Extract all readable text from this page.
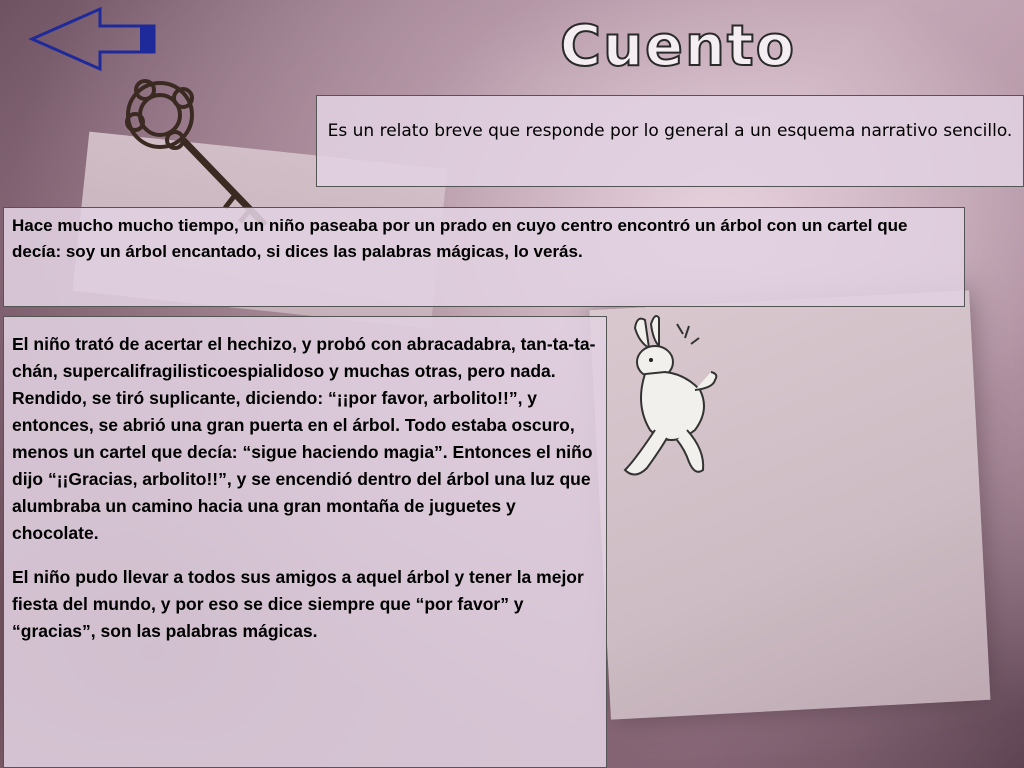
Cuento
Es un relato breve que responde por lo general a un esquema narrativo sencillo.
Hace mucho mucho tiempo, un niño paseaba por un prado en cuyo centro encontró un árbol con un cartel que decía: soy un árbol encantado, si dices las palabras mágicas, lo verás.

El niño trató de acertar el hechizo, y probó con abracadabra, tan-ta-ta-chán, supercalifragilisticoespialidoso y muchas otras, pero nada. Rendido, se tiró suplicante, diciendo: “¡¡por favor, arbolito!!”, y entonces, se abrió una gran puerta en el árbol. Todo estaba oscuro, menos un cartel que decía: “sigue haciendo magia”. Entonces el niño dijo “¡¡Gracias, arbolito!!”, y se encendió dentro del árbol una luz que alumbraba un camino hacia una gran montaña de juguetes y chocolate.

El niño pudo llevar a todos sus amigos a aquel árbol y tener la mejor fiesta del mundo, y por eso se dice siempre que “por favor” y “gracias”, son las palabras mágicas.
